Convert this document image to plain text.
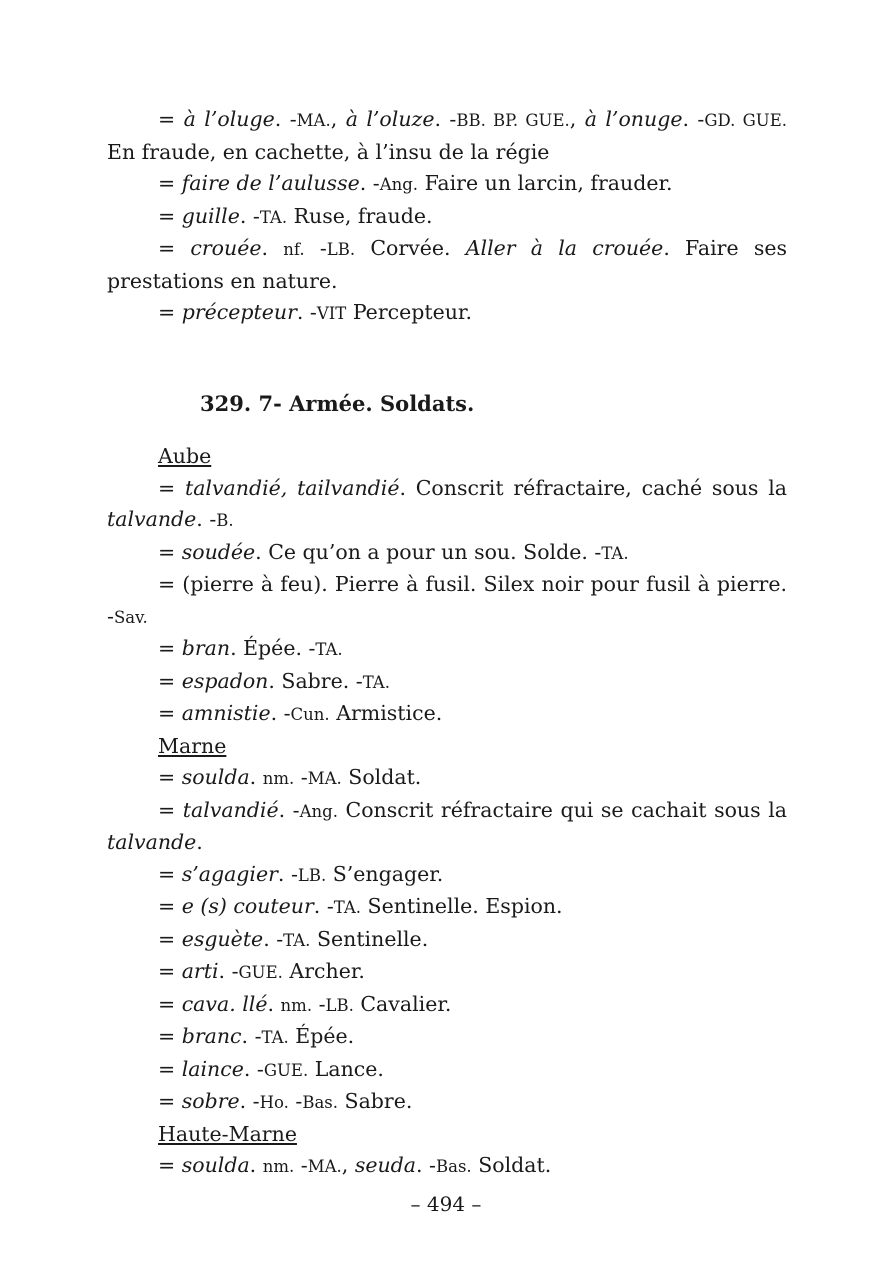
= à l’oluge. -MA., à l’oluze. -BB. BP. GUE., à l’onuge. -GD. GUE. En fraude, en cachette, à l’insu de la régie

= faire de l’aulusse. -Ang. Faire un larcin, frauder.

= guille. -TA. Ruse, fraude.

= crouée. nf. -LB. Corvée. Aller à la crouée. Faire ses prestations en nature.

= précepteur. -VIT Percepteur.

329. 7- Armée. Soldats.

Aube

= talvandié, tailvandié. Conscrit réfractaire, caché sous la talvande. -B.

= soudée. Ce qu’on a pour un sou. Solde. -TA.

= (pierre à feu). Pierre à fusil. Silex noir pour fusil à pierre. -Sav.

= bran. Épée. -TA.

= espadon. Sabre. -TA.

= amnistie. -Cun. Armistice.

Marne

= soulda. nm. -MA. Soldat.

= talvandié. -Ang. Conscrit réfractaire qui se cachait sous la talvande.

= s’agagier. -LB. S’engager.

= e (s) couteur. -TA. Sentinelle. Espion.

= esguète. -TA. Sentinelle.

= arti. -GUE. Archer.

= cava. llé. nm. -LB. Cavalier.

= branc. -TA. Épée.

= laince. -GUE. Lance.

= sobre. -Ho. -Bas. Sabre.

Haute-Marne

= soulda. nm. -MA., seuda. -Bas. Soldat.

– 494 –
